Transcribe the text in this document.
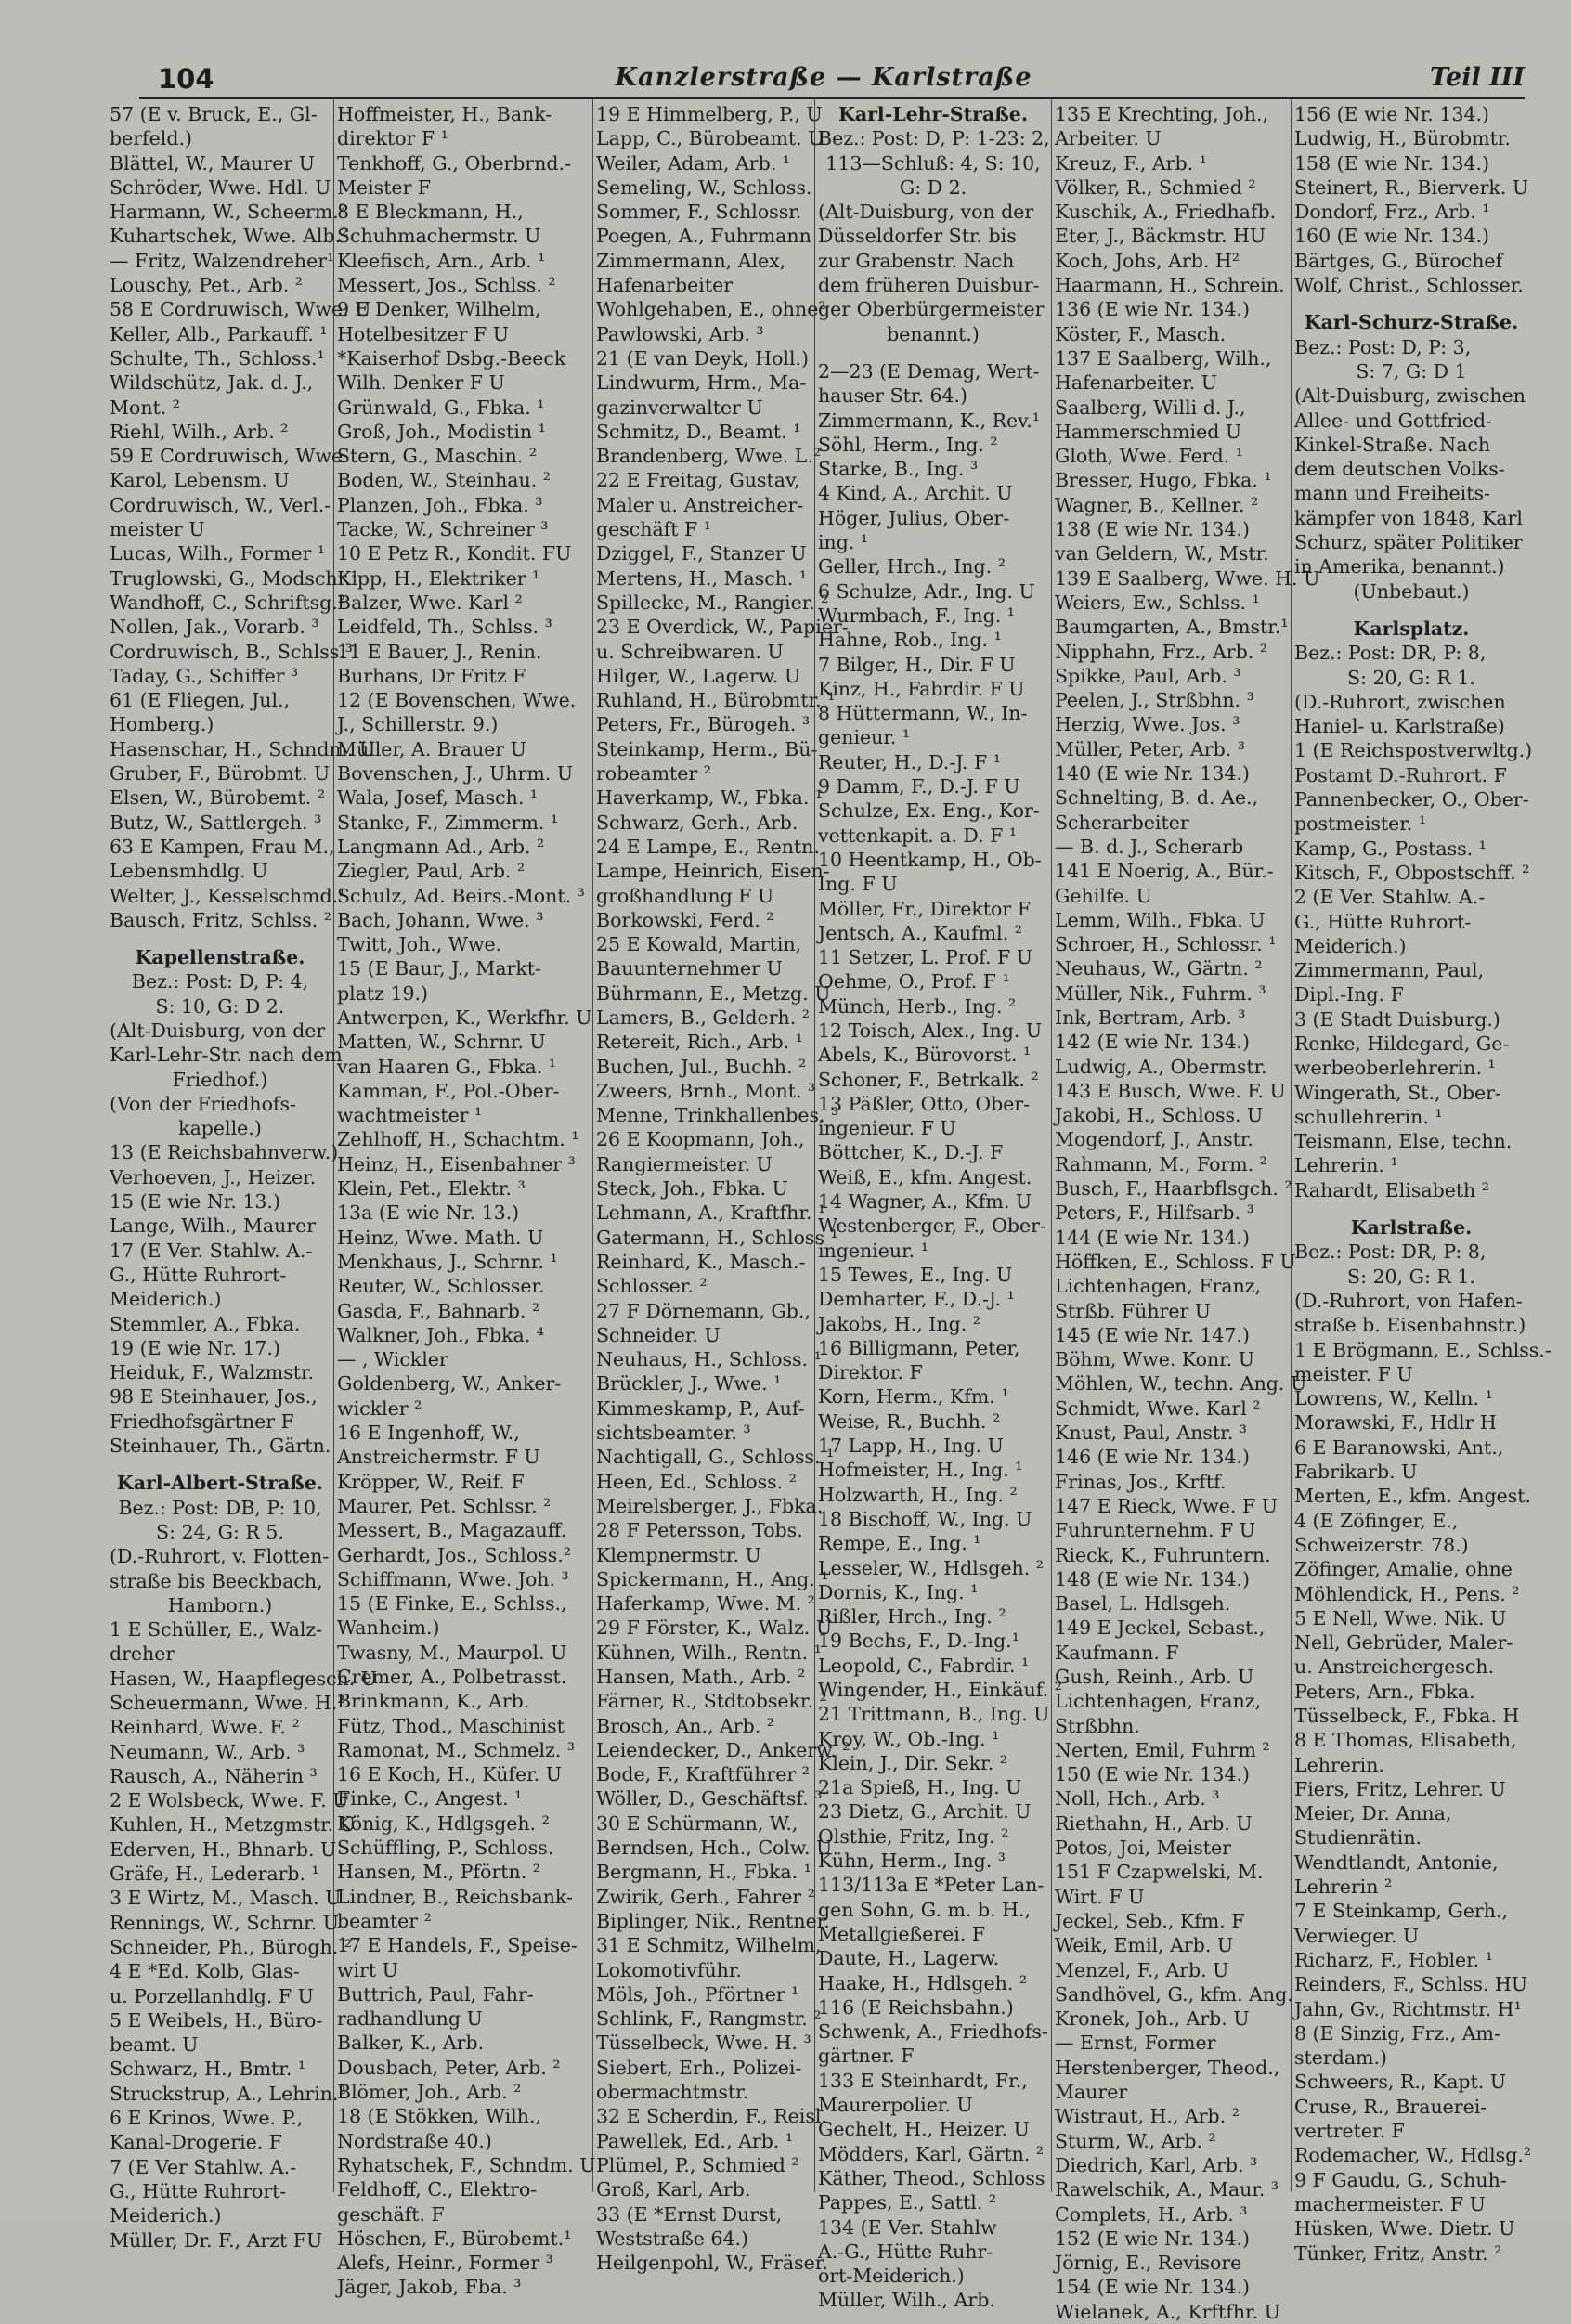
104	Kanzlerstraße — Karlstraße	Teil III
57 (E v. Bruck, E., Gl-
berfeld.)
Blättel, W., Maurer U
Schröder, Wwe. Hdl. U
Harmann, W., Scheerm.²
Kuhartschek, Wwe. Alb.²
— Fritz, Walzendreher¹
Louschy, Pet., Arb. ²
58 E Cordruwisch, Wwe. U
Keller, Alb., Parkauff. ¹
Schulte, Th., Schloss.¹
Wildschütz, Jak. d. J.,
Mont. ²
Riehl, Wilh., Arb. ²
59 E Cordruwisch, Wwe
Karol, Lebensm. U
Cordruwisch, W., Verl.-
meister U
Lucas, Wilh., Former ¹
Truglowski, G., Modschr.¹
Wandhoff, C., Schriftsg.²
Nollen, Jak., Vorarb. ³
Cordruwisch, B., Schlss.³
Taday, G., Schiffer ³
61 (E Fliegen, Jul.,
Homberg.)
Hasenschar, H., Schndm. U
Gruber, F., Bürobmt. U
Elsen, W., Bürobemt. ²
Butz, W., Sattlergeh. ³
63 E Kampen, Frau M.,
Lebensmhdlg. U
Welter, J., Kesselschmd.¹
Bausch, Fritz, Schlss. ²
Kapellenstraße.
Bez.: Post: D, P: 4,
S: 10, G: D 2.
(Alt-Duisburg, von der
Karl-Lehr-Str. nach dem
Friedhof.)
(Von der Friedhofs-
kapelle.)
13 (E Reichsbahnverw.)
Verhoeven, J., Heizer.
15 (E wie Nr. 13.)
Lange, Wilh., Maurer
17 (E Ver. Stahlw. A.-
G., Hütte Ruhrort-
Meiderich.)
Stemmler, A., Fbka.
19 (E wie Nr. 17.)
Heiduk, F., Walzmstr.
98 E Steinhauer, Jos.,
Friedhofsgärtner F
Steinhauer, Th., Gärtn.
Karl-Albert-Straße.
Bez.: Post: DB, P: 10,
S: 24, G: R 5.
(D.-Ruhrort, v. Flotten-
straße bis Beeckbach,
Hamborn.)
1 E Schüller, E., Walz-
dreher
Hasen, W., Haapflegesch. U
Scheuermann, Wwe. H.²
Reinhard, Wwe. F. ²
Neumann, W., Arb. ³
Rausch, A., Näherin ³
2 E Wolsbeck, Wwe. F. U
Kuhlen, H., Metzgmstr. U
Ederven, H., Bhnarb. U
Gräfe, H., Lederarb. ¹
3 E Wirtz, M., Masch. U
Rennings, W., Schrnr. U
Schneider, Ph., Bürogh. ²
4 E *Ed. Kolb, Glas-
u. Porzellanhdlg. F U
5 E Weibels, H., Büro-
beamt. U
Schwarz, H., Bmtr. ¹
Struckstrup, A., Lehrin.²
6 E Krinos, Wwe. P.,
Kanal-Drogerie. F
7 (E Ver Stahlw. A.-
G., Hütte Ruhrort-
Meiderich.)
Müller, Dr. F., Arzt FU
Hoffmeister, H., Bank-
direktor F ¹
Tenkhoff, G., Oberbrnd.-
Meister F
8 E Bleckmann, H.,
Schuhmachermstr. U
Kleefisch, Arn., Arb. ¹
Messert, Jos., Schlss. ²
9 E Denker, Wilhelm,
Hotelbesitzer F U
*Kaiserhof Dsbg.-Beeck
Wilh. Denker F U
Grünwald, G., Fbka. ¹
Groß, Joh., Modistin ¹
Stern, G., Maschin. ²
Boden, W., Steinhau. ²
Planzen, Joh., Fbka. ³
Tacke, W., Schreiner ³
10 E Petz R., Kondit. FU
Kipp, H., Elektriker ¹
Balzer, Wwe. Karl ²
Leidfeld, Th., Schlss. ³
11 E Bauer, J., Renin.
Burhans, Dr Fritz F
12 (E Bovenschen, Wwe.
J., Schillerstr. 9.)
Müller, A. Brauer U
Bovenschen, J., Uhrm. U
Wala, Josef, Masch. ¹
Stanke, F., Zimmerm. ¹
Langmann Ad., Arb. ²
Ziegler, Paul, Arb. ²
Schulz, Ad. Beirs.-Mont. ³
Bach, Johann, Wwe. ³
Twitt, Joh., Wwe.
15 (E Baur, J., Markt-
platz 19.)
Antwerpen, K., Werkfhr. U
Matten, W., Schrnr. U
van Haaren G., Fbka. ¹
Kamman, F., Pol.-Ober-
wachtmeister ¹
Zehlhoff, H., Schachtm. ¹
Heinz, H., Eisenbahner ³
Klein, Pet., Elektr. ³
13a (E wie Nr. 13.)
Heinz, Wwe. Math. U
Menkhaus, J., Schrnr. ¹
Reuter, W., Schlosser.
Gasda, F., Bahnarb. ²
Walkner, Joh., Fbka. ⁴
— , Wickler
Goldenberg, W., Anker-
wickler ²
16 E Ingenhoff, W.,
Anstreichermstr. F U
Kröpper, W., Reif. F
Maurer, Pet. Schlssr. ²
Messert, B., Magazauff.
Gerhardt, Jos., Schloss.²
Schiffmann, Wwe. Joh. ³
15 (E Finke, E., Schlss.,
Wanheim.)
Twasny, M., Maurpol. U
Cremer, A., Polbetrasst.
Brinkmann, K., Arb.
Fütz, Thod., Maschinist
Ramonat, M., Schmelz. ³
16 E Koch, H., Küfer. U
Finke, C., Angest. ¹
König, K., Hdlgsgeh. ²
Schüffling, P., Schloss.
Hansen, M., Pförtn. ²
Lindner, B., Reichsbank-
beamter ²
17 E Handels, F., Speise-
wirt U
Buttrich, Paul, Fahr-
radhandlung U
Balker, K., Arb.
Dousbach, Peter, Arb. ²
Blömer, Joh., Arb. ²
18 (E Stökken, Wilh.,
Nordstraße 40.)
Ryhatschek, F., Schndm. U
Feldhoff, C., Elektro-
geschäft. F
Höschen, F., Bürobemt.¹
Alefs, Heinr., Former ³
Jäger, Jakob, Fba. ³
19 E Himmelberg, P., U
Lapp, C., Bürobeamt. U
Weiler, Adam, Arb. ¹
Semeling, W., Schloss.
Sommer, F., Schlossr.
Poegen, A., Fuhrmann
Zimmermann, Alex,
Hafenarbeiter
Wohlgehaben, E., ohne²
Pawlowski, Arb. ³
21 (E van Deyk, Holl.)
Lindwurm, Hrm., Ma-
gazinverwalter U
Schmitz, D., Beamt. ¹
Brandenberg, Wwe. L.²
22 E Freitag, Gustav,
Maler u. Anstreicher-
geschäft F ¹
Dziggel, F., Stanzer U
Mertens, H., Masch. ¹
Spillecke, M., Rangier. ²
23 E Overdick, W., Papier-
u. Schreibwaren. U
Hilger, W., Lagerw. U
Ruhland, H., Bürobmtr. ¹
Peters, Fr., Bürogeh. ³
Steinkamp, Herm., Bü-
robeamter ²
Haverkamp, W., Fbka. ¹
Schwarz, Gerh., Arb.
24 E Lampe, E., Rentn.
Lampe, Heinrich, Eisen-
großhandlung F U
Borkowski, Ferd. ²
25 E Kowald, Martin,
Bauunternehmer U
Bührmann, E., Metzg. U
Lamers, B., Gelderh. ²
Retereit, Rich., Arb. ¹
Buchen, Jul., Buchh. ²
Zweers, Brnh., Mont. ³
Menne, Trinkhallenbes. ³
26 E Koopmann, Joh.,
Rangiermeister. U
Steck, Joh., Fbka. U
Lehmann, A., Kraftfhr. ¹
Gatermann, H., Schloss ¹
Reinhard, K., Masch.-
Schlosser. ²
27 F Dörnemann, Gb.,
Schneider. U
Neuhaus, H., Schloss. ¹
Brückler, J., Wwe. ¹
Kimmeskamp, P., Auf-
sichtsbeamter. ³
Nachtigall, G., Schloss. ¹
Heen, Ed., Schloss. ²
Meirelsberger, J., Fbka.
28 F Petersson, Tobs.
Klempnermstr. U
Spickermann, H., Ang. ¹
Haferkamp, Wwe. M. ²
29 F Förster, K., Walz. U
Kühnen, Wilh., Rentn. ¹
Hansen, Math., Arb. ²
Färner, R., Stdtobsekr. ²
Brosch, An., Arb. ²
Leiendecker, D., Ankerw. ²
Bode, F., Kraftführer ²
Wöller, D., Geschäftsf. ³
30 E Schürmann, W.,
Berndsen, Hch., Colw. U
Bergmann, H., Fbka. ¹
Zwirik, Gerh., Fahrer ²
Biplinger, Nik., Rentner.
31 E Schmitz, Wilhelm,
Lokomotivführ.
Möls, Joh., Pförtner ¹
Schlink, F., Rangmstr. ²
Tüsselbeck, Wwe. H. ³
Siebert, Erh., Polizei-
obermachtmstr.
32 E Scherdin, F., Reisl.
Pawellek, Ed., Arb. ¹
Plümel, P., Schmied ²
Groß, Karl, Arb.
33 (E *Ernst Durst,
Weststraße 64.)
Heilgenpohl, W., Fräser.
Karl-Lehr-Straße.
Bez.: Post: D, P: 1-23: 2,
113—Schluß: 4, S: 10,
G: D 2.
(Alt-Duisburg, von der
Düsseldorfer Str. bis
zur Grabenstr. Nach
dem früheren Duisbur-
ger Oberbürgermeister
benannt.)
2—23 (E Demag, Wert-
hauser Str. 64.)
Zimmermann, K., Rev.¹
Söhl, Herm., Ing. ²
Starke, B., Ing. ³
4 Kind, A., Archit. U
Höger, Julius, Ober-
ing. ¹
Geller, Hrch., Ing. ²
6 Schulze, Adr., Ing. U
Wurmbach, F., Ing. ¹
Hahne, Rob., Ing. ¹
7 Bilger, H., Dir. F U
Kinz, H., Fabrdir. F U
8 Hüttermann, W., In-
genieur. ¹
Reuter, H., D.-J. F ¹
9 Damm, F., D.-J. F U
Schulze, Ex. Eng., Kor-
vettenkapit. a. D. F ¹
10 Heentkamp, H., Ob-
Ing. F U
Möller, Fr., Direktor F
Jentsch, A., Kaufml. ²
11 Setzer, L. Prof. F U
Oehme, O., Prof. F ¹
Münch, Herb., Ing. ²
12 Toisch, Alex., Ing. U
Abels, K., Bürovorst. ¹
Schoner, F., Betrkalk. ²
13 Päßler, Otto, Ober-
ingenieur. F U
Böttcher, K., D.-J. F
Weiß, E., kfm. Angest.
14 Wagner, A., Kfm. U
Westenberger, F., Ober-
ingenieur. ¹
15 Tewes, E., Ing. U
Demharter, F., D.-J. ¹
Jakobs, H., Ing. ²
16 Billigmann, Peter,
Direktor. F
Korn, Herm., Kfm. ¹
Weise, R., Buchh. ²
17 Lapp, H., Ing. U
Hofmeister, H., Ing. ¹
Holzwarth, H., Ing. ²
18 Bischoff, W., Ing. U
Rempe, E., Ing. ¹
Lesseler, W., Hdlsgeh. ²
Dornis, K., Ing. ¹
Rißler, Hrch., Ing. ²
19 Bechs, F., D.-Ing.¹
Leopold, C., Fabrdir. ¹
Wingender, H., Einkäuf. ²
21 Trittmann, B., Ing. U
Kroy, W., Ob.-Ing. ¹
Klein, J., Dir. Sekr. ²
21a Spieß, H., Ing. U
23 Dietz, G., Archit. U
Olsthie, Fritz, Ing. ²
Kühn, Herm., Ing. ³
113/113a E *Peter Lan-
gen Sohn, G. m. b. H.,
Metallgießerei. F
Daute, H., Lagerw.
Haake, H., Hdlsgeh. ²
116 (E Reichsbahn.)
Schwenk, A., Friedhofs-
gärtner. F
133 E Steinhardt, Fr.,
Maurerpolier. U
Gechelt, H., Heizer. U
Mödders, Karl, Gärtn. ²
Käther, Theod., Schloss
Pappes, E., Sattl. ²
134 (E Ver. Stahlw
A.-G., Hütte Ruhr-
ort-Meiderich.)
Müller, Wilh., Arb.
135 E Krechting, Joh.,
Arbeiter. U
Kreuz, F., Arb. ¹
Völker, R., Schmied ²
Kuschik, A., Friedhafb.
Eter, J., Bäckmstr. HU
Koch, Johs, Arb. H²
Haarmann, H., Schrein.
136 (E wie Nr. 134.)
Köster, F., Masch.
137 E Saalberg, Wilh.,
Hafenarbeiter. U
Saalberg, Willi d. J.,
Hammerschmied U
Gloth, Wwe. Ferd. ¹
Bresser, Hugo, Fbka. ¹
Wagner, B., Kellner. ²
138 (E wie Nr. 134.)
van Geldern, W., Mstr.
139 E Saalberg, Wwe. H. U
Weiers, Ew., Schlss. ¹
Baumgarten, A., Bmstr.¹
Nipphahn, Frz., Arb. ²
Spikke, Paul, Arb. ³
Peelen, J., Strßbhn. ³
Herzig, Wwe. Jos. ³
Müller, Peter, Arb. ³
140 (E wie Nr. 134.)
Schnelting, B. d. Ae.,
Scherarbeiter
— B. d. J., Scherarb
141 E Noerig, A., Bür.-
Gehilfe. U
Lemm, Wilh., Fbka. U
Schroer, H., Schlossr. ¹
Neuhaus, W., Gärtn. ²
Müller, Nik., Fuhrm. ³
Ink, Bertram, Arb. ³
142 (E wie Nr. 134.)
Ludwig, A., Obermstr.
143 E Busch, Wwe. F. U
Jakobi, H., Schloss. U
Mogendorf, J., Anstr.
Rahmann, M., Form. ²
Busch, F., Haarbflsgch. ²
Peters, F., Hilfsarb. ³
144 (E wie Nr. 134.)
Höffken, E., Schloss. F U
Lichtenhagen, Franz,
Strßb. Führer U
145 (E wie Nr. 147.)
Böhm, Wwe. Konr. U
Möhlen, W., techn. Ang. U
Schmidt, Wwe. Karl ²
Knust, Paul, Anstr. ³
146 (E wie Nr. 134.)
Frinas, Jos., Krftf.
147 E Rieck, Wwe. F U
Fuhrunternehm. F U
Rieck, K., Fuhruntern.
148 (E wie Nr. 134.)
Basel, L. Hdlsgeh.
149 E Jeckel, Sebast.,
Kaufmann. F
Gush, Reinh., Arb. U
Lichtenhagen, Franz,
Strßbhn.
Nerten, Emil, Fuhrm ²
150 (E wie Nr. 134.)
Noll, Hch., Arb. ³
Riethahn, H., Arb. U
Potos, Joi, Meister
151 F Czapwelski, M.
Wirt. F U
Jeckel, Seb., Kfm. F
Weik, Emil, Arb. U
Menzel, F., Arb. U
Sandhövel, G., kfm. Ang.
Kronek, Joh., Arb. U
— Ernst, Former
Herstenberger, Theod.,
Maurer
Wistraut, H., Arb. ²
Sturm, W., Arb. ²
Diedrich, Karl, Arb. ³
Rawelschik, A., Maur. ³
Complets, H., Arb. ³
152 (E wie Nr. 134.)
Jörnig, E., Revisore
154 (E wie Nr. 134.)
Wielanek, A., Krftfhr. U
156 (E wie Nr. 134.)
Ludwig, H., Bürobmtr.
158 (E wie Nr. 134.)
Steinert, R., Bierverk. U
Dondorf, Frz., Arb. ¹
160 (E wie Nr. 134.)
Bärtges, G., Bürochef
Wolf, Christ., Schlosser.
Karl-Schurz-Straße.
Bez.: Post: D, P: 3,
S: 7, G: D 1
(Alt-Duisburg, zwischen
Allee- und Gottfried-
Kinkel-Straße. Nach
dem deutschen Volks-
mann und Freiheits-
kämpfer von 1848, Karl
Schurz, später Politiker
in Amerika, benannt.)
(Unbebaut.)
Karlsplatz.
Bez.: Post: DR, P: 8,
S: 20, G: R 1.
(D.-Ruhrort, zwischen
Haniel- u. Karlstraße)
1 (E Reichspostverwltg.)
Postamt D.-Ruhrort. F
Pannenbecker, O., Ober-
postmeister. ¹
Kamp, G., Postass. ¹
Kitsch, F., Obpostschff. ²
2 (E Ver. Stahlw. A.-
G., Hütte Ruhrort-
Meiderich.)
Zimmermann, Paul,
Dipl.-Ing. F
3 (E Stadt Duisburg.)
Renke, Hildegard, Ge-
werbeoberlehrerin. ¹
Wingerath, St., Ober-
schullehrerin. ¹
Teismann, Else, techn.
Lehrerin. ¹
Rahardt, Elisabeth ²
Karlstraße.
Bez.: Post: DR, P: 8,
S: 20, G: R 1.
(D.-Ruhrort, von Hafen-
straße b. Eisenbahnstr.)
1 E Brögmann, E., Schlss.-
meister. F U
Lowrens, W., Kelln. ¹
Morawski, F., Hdlr H
6 E Baranowski, Ant.,
Fabrikarb. U
Merten, E., kfm. Angest.
4 (E Zöfinger, E.,
Schweizerstr. 78.)
Zöfinger, Amalie, ohne
Möhlendick, H., Pens. ²
5 E Nell, Wwe. Nik. U
Nell, Gebrüder, Maler-
u. Anstreichergesch.
Peters, Arn., Fbka.
Tüsselbeck, F., Fbka. H
8 E Thomas, Elisabeth,
Lehrerin.
Fiers, Fritz, Lehrer. U
Meier, Dr. Anna,
Studienrätin.
Wendtlandt, Antonie,
Lehrerin ²
7 E Steinkamp, Gerh.,
Verwieger. U
Richarz, F., Hobler. ¹
Reinders, F., Schlss. HU
Jahn, Gv., Richtmstr. H¹
8 (E Sinzig, Frz., Am-
sterdam.)
Schweers, R., Kapt. U
Cruse, R., Brauerei-
vertreter. F
Rodemacher, W., Hdlsg.²
9 F Gaudu, G., Schuh-
machermeister. F U
Hüsken, Wwe. Dietr. U
Tünker, Fritz, Anstr. ²
